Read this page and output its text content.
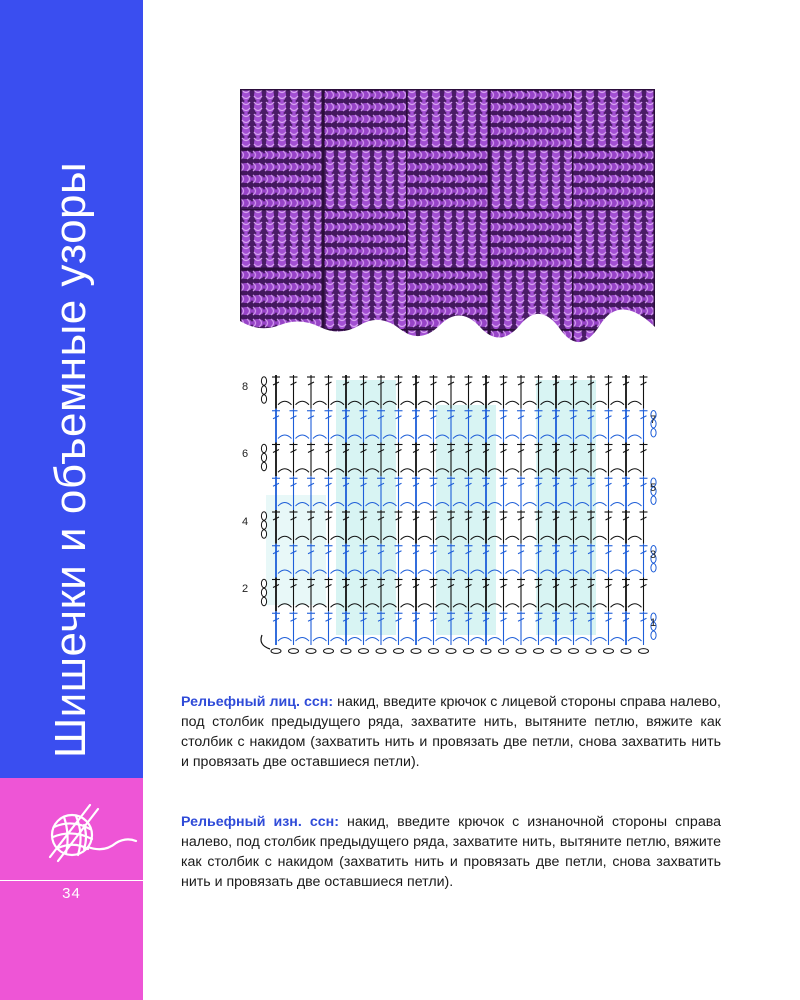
Шишечки и объемные узоры
34
8
6
4
2
7
5
3
1

Рельефный лиц. ссн: накид, введите крючок с лицевой стороны справа налево, под столбик предыдущего ряда, захватите нить, вытяните петлю, вяжите как столбик с накидом (захватить нить и провязать две петли, снова захватить нить и провязать две оставшиеся петли).

Рельефный изн. ссн: накид, введите крючок с изнаночной стороны справа налево, под столбик предыдущего ряда, захватите нить, вытяните петлю, вяжите как столбик с накидом (захватить нить и провязать две петли, снова захватить нить и провязать две оставшиеся петли).
